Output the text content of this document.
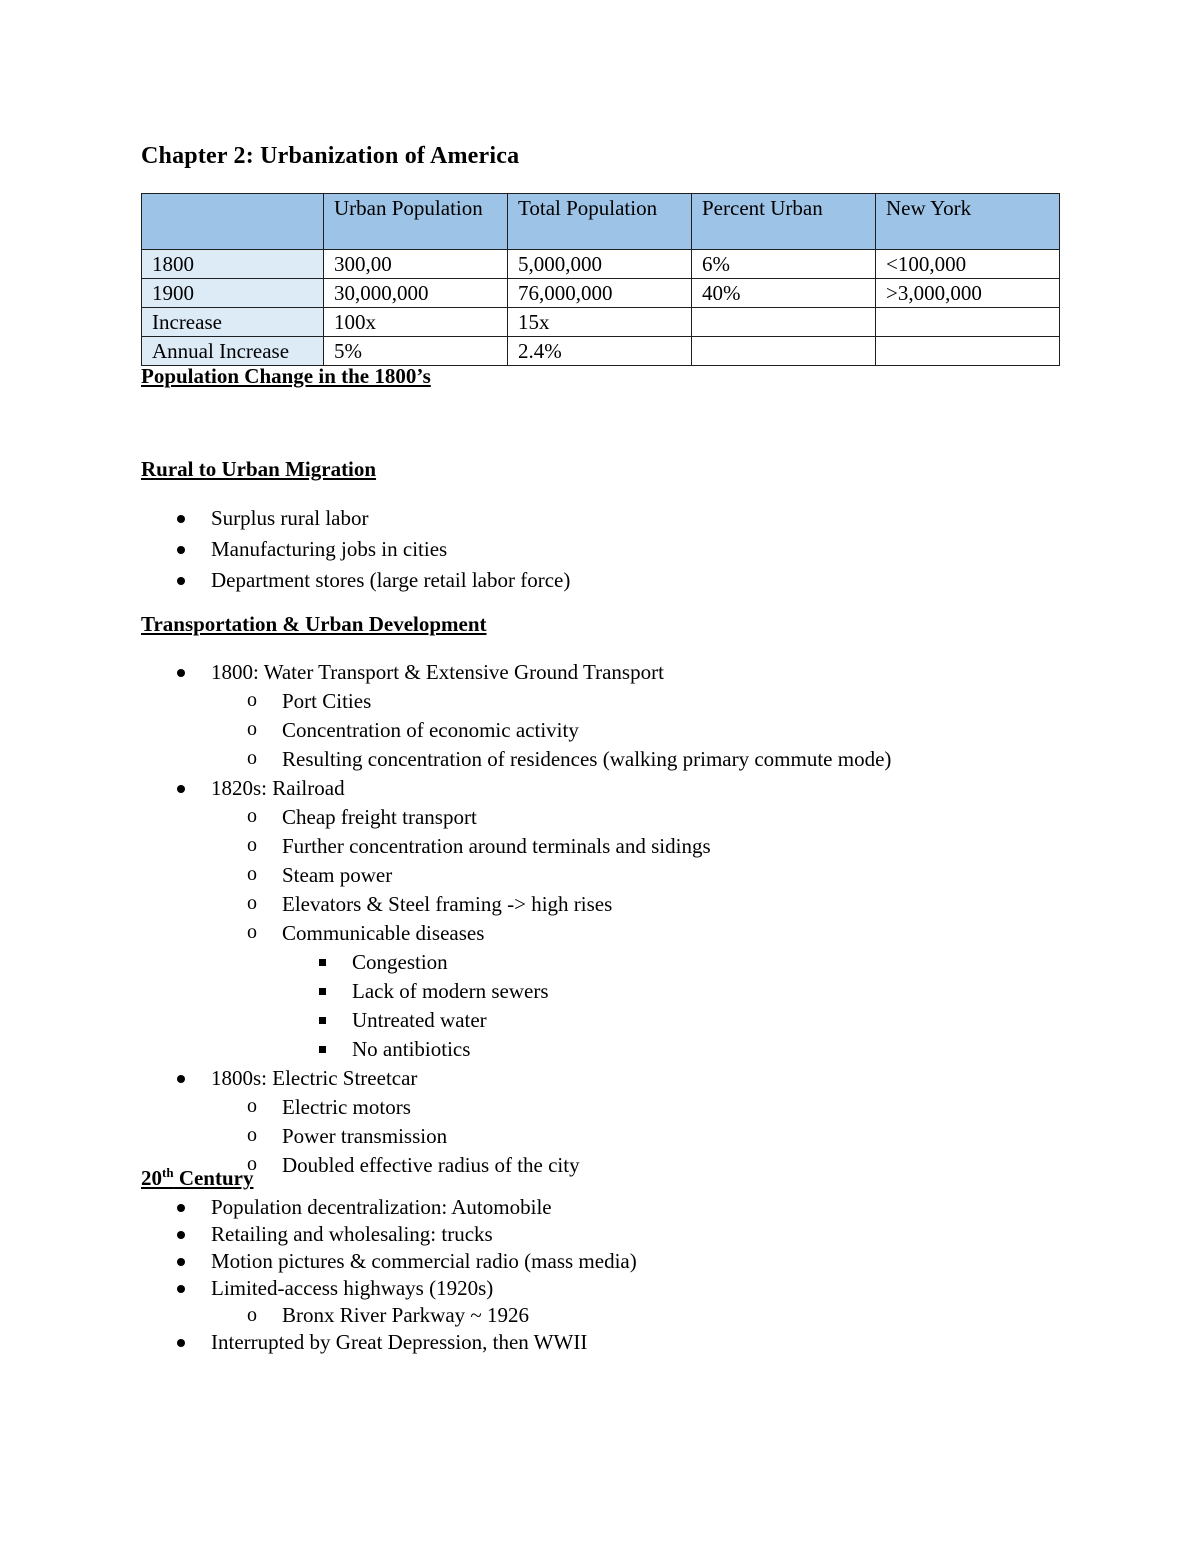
Chapter 2: Urbanization of America
	Urban Population	Total Population	Percent Urban	New York
1800	300,00	5,000,000	6%	<100,000
1900	30,000,000	76,000,000	40%	>3,000,000
Increase	100x	15x		
Annual Increase	5%	2.4%		
Population Change in the 1800’s
Rural to Urban Migration
Surplus rural labor
Manufacturing jobs in cities
Department stores (large retail labor force)
Transportation & Urban Development
1800: Water Transport & Extensive Ground Transport
o Port Cities
o Concentration of economic activity
o Resulting concentration of residences (walking primary commute mode)
1820s: Railroad
o Cheap freight transport
o Further concentration around terminals and sidings
o Steam power
o Elevators & Steel framing -> high rises
o Communicable diseases
Congestion
Lack of modern sewers
Untreated water
No antibiotics
1800s: Electric Streetcar
o Electric motors
o Power transmission
o Doubled effective radius of the city
20th Century
Population decentralization: Automobile
Retailing and wholesaling: trucks
Motion pictures & commercial radio (mass media)
Limited-access highways (1920s)
o Bronx River Parkway ~ 1926
Interrupted by Great Depression, then WWII
